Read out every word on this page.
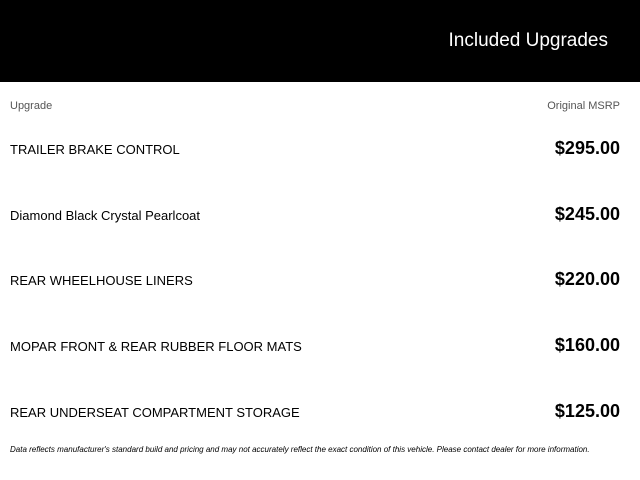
Included Upgrades
Upgrade	Original MSRP
TRAILER BRAKE CONTROL	$295.00
Diamond Black Crystal Pearlcoat	$245.00
REAR WHEELHOUSE LINERS	$220.00
MOPAR FRONT & REAR RUBBER FLOOR MATS	$160.00
REAR UNDERSEAT COMPARTMENT STORAGE	$125.00
Data reflects manufacturer's standard build and pricing and may not accurately reflect the exact condition of this vehicle. Please contact dealer for more information.
